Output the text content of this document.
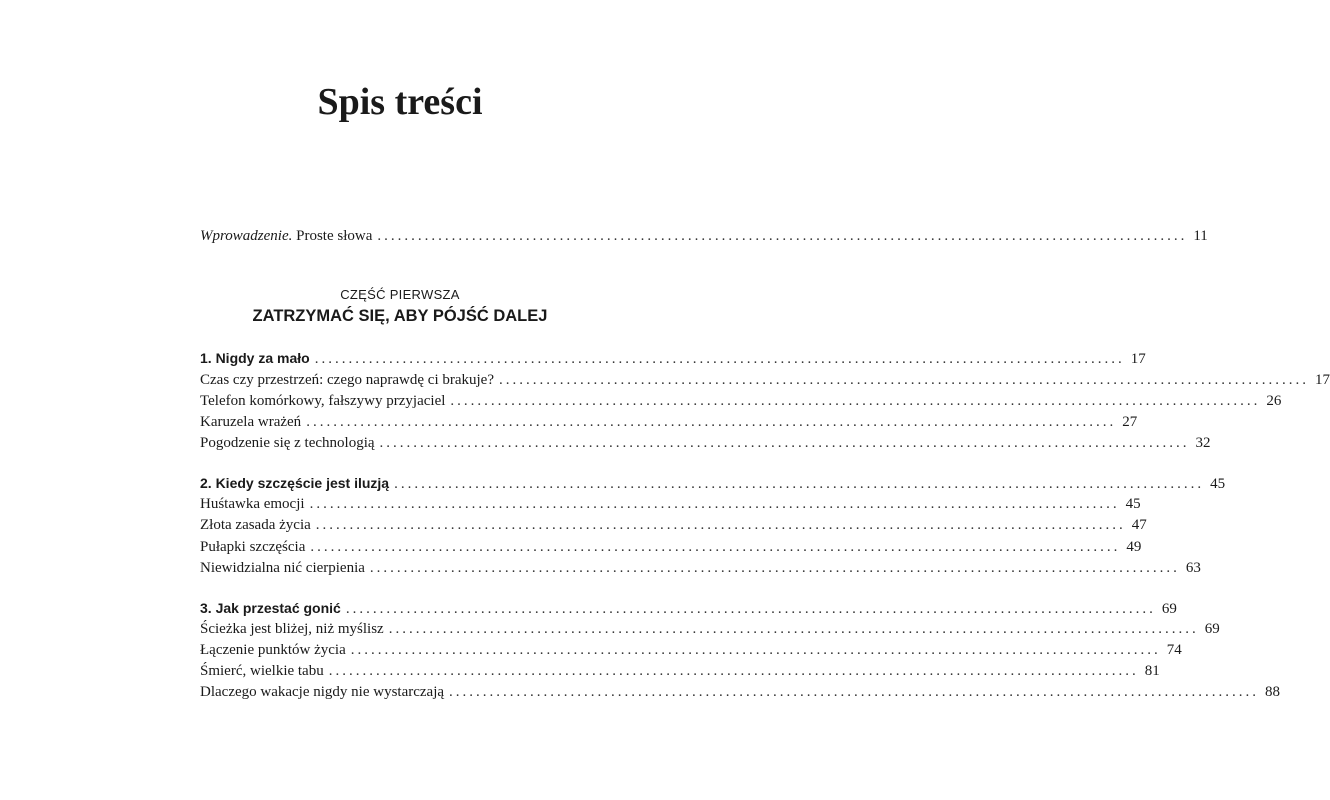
Spis treści
Wprowadzenie. Proste słowa ........................................................................................................................ 11
CZĘŚĆ PIERWSZA
ZATRZYMAĆ SIĘ, ABY PÓJŚĆ DALEJ
1. Nigdy za mało ........................................................................................................................ 17
Czas czy przestrzeń: czego naprawdę ci brakuje? ........................................................................................................................ 17
Telefon komórkowy, fałszywy przyjaciel ........................................................................................................................ 26
Karuzela wrażeń ........................................................................................................................ 27
Pogodzenie się z technologią ........................................................................................................................ 32
2. Kiedy szczęście jest iluzją ........................................................................................................................ 45
Huśtawka emocji ........................................................................................................................ 45
Złota zasada życia ........................................................................................................................ 47
Pułapki szczęścia ........................................................................................................................ 49
Niewidzialna nić cierpienia ........................................................................................................................ 63
3. Jak przestać gonić ........................................................................................................................ 69
Ścieżka jest bliżej, niż myślisz ........................................................................................................................ 69
Łączenie punktów życia ........................................................................................................................ 74
Śmierć, wielkie tabu ........................................................................................................................ 81
Dlaczego wakacje nigdy nie wystarczają ........................................................................................................................ 88
